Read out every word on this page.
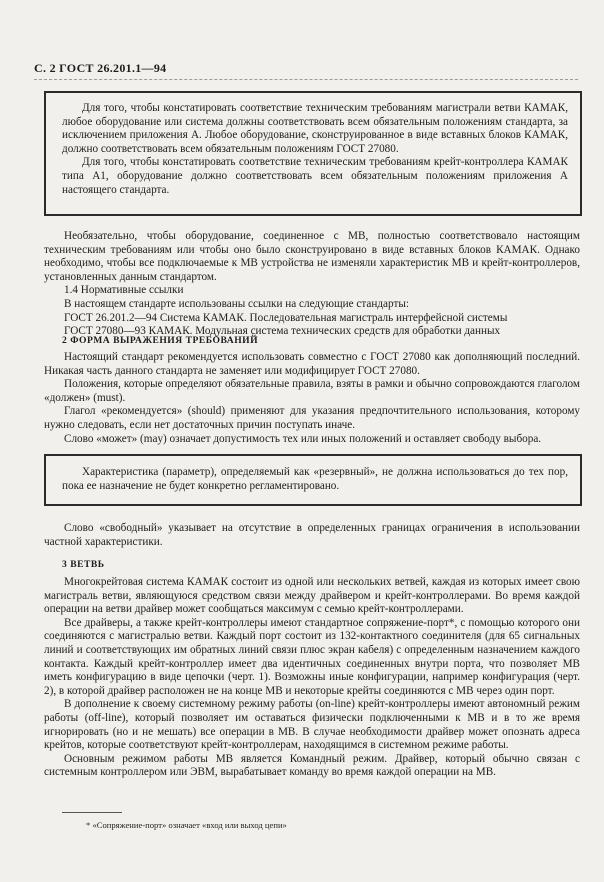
С. 2 ГОСТ 26.201.1—94

Для того, чтобы констатировать соответствие техническим требованиям магистрали ветви КАМАК, любое оборудование или система должны соответствовать всем обязательным положениям стандарта, за исключением приложения А. Любое оборудование, сконструированное в виде вставных блоков КАМАК, должно соответствовать всем обязательным положениям ГОСТ 27080.

Для того, чтобы констатировать соответствие техническим требованиям крейт-контроллера КАМАК типа А1, оборудование должно соответствовать всем обязательным положениям приложения А настоящего стандарта.

Необязательно, чтобы оборудование, соединенное с МВ, полностью соответствовало настоящим техническим требованиям или чтобы оно было сконструировано в виде вставных блоков КАМАК. Однако необходимо, чтобы все подключаемые к МВ устройства не изменяли характеристик МВ и крейт-контроллеров, установленных данным стандартом.

1.4 Нормативные ссылки

В настоящем стандарте использованы ссылки на следующие стандарты:

ГОСТ 26.201.2—94 Система КАМАК. Последовательная магистраль интерфейсной системы

ГОСТ 27080—93 КАМАК. Модульная система технических средств для обработки данных

2 ФОРМА ВЫРАЖЕНИЯ ТРЕБОВАНИЙ

Настоящий стандарт рекомендуется использовать совместно с ГОСТ 27080 как дополняющий последний. Никакая часть данного стандарта не заменяет или модифицирует ГОСТ 27080.

Положения, которые определяют обязательные правила, взяты в рамки и обычно сопровождаются глаголом «должен» (must).

Глагол «рекомендуется» (should) применяют для указания предпочтительного использования, которому нужно следовать, если нет достаточных причин поступать иначе.

Слово «может» (may) означает допустимость тех или иных положений и оставляет свободу выбора.

Характеристика (параметр), определяемый как «резервный», не должна использоваться до тех пор, пока ее назначение не будет конкретно регламентировано.

Слово «свободный» указывает на отсутствие в определенных границах ограничения в использовании частной характеристики.

3 ВЕТВЬ

Многокрейтовая система КАМАК состоит из одной или нескольких ветвей, каждая из которых имеет свою магистраль ветви, являющуюся средством связи между драйвером и крейт-контроллерами. Во время каждой операции на ветви драйвер может сообщаться максимум с семью крейт-контроллерами.

Все драйверы, а также крейт-контроллеры имеют стандартное сопряжение-порт*, с помощью которого они соединяются с магистралью ветви. Каждый порт состоит из 132-контактного соединителя (для 65 сигнальных линий и соответствующих им обратных линий связи плюс экран кабеля) с определенным назначением каждого контакта. Каждый крейт-контроллер имеет два идентичных соединенных внутри порта, что позволяет МВ иметь конфигурацию в виде цепочки (черт. 1). Возможны иные конфигурации, например конфигурация (черт. 2), в которой драйвер расположен не на конце МВ и некоторые крейты соединяются с МВ через один порт.

В дополнение к своему системному режиму работы (on-line) крейт-контроллеры имеют автономный режим работы (off-line), который позволяет им оставаться физически подключенными к МВ и в то же время игнорировать (но и не мешать) все операции в МВ. В случае необходимости драйвер может опознать адреса крейтов, которые соответствуют крейт-контроллерам, находящимся в системном режиме работы.

Основным режимом работы МВ является Командный режим. Драйвер, который обычно связан с системным контроллером или ЭВМ, вырабатывает команду во время каждой операции на МВ.

* «Сопряжение-порт» означает «вход или выход цепи»
